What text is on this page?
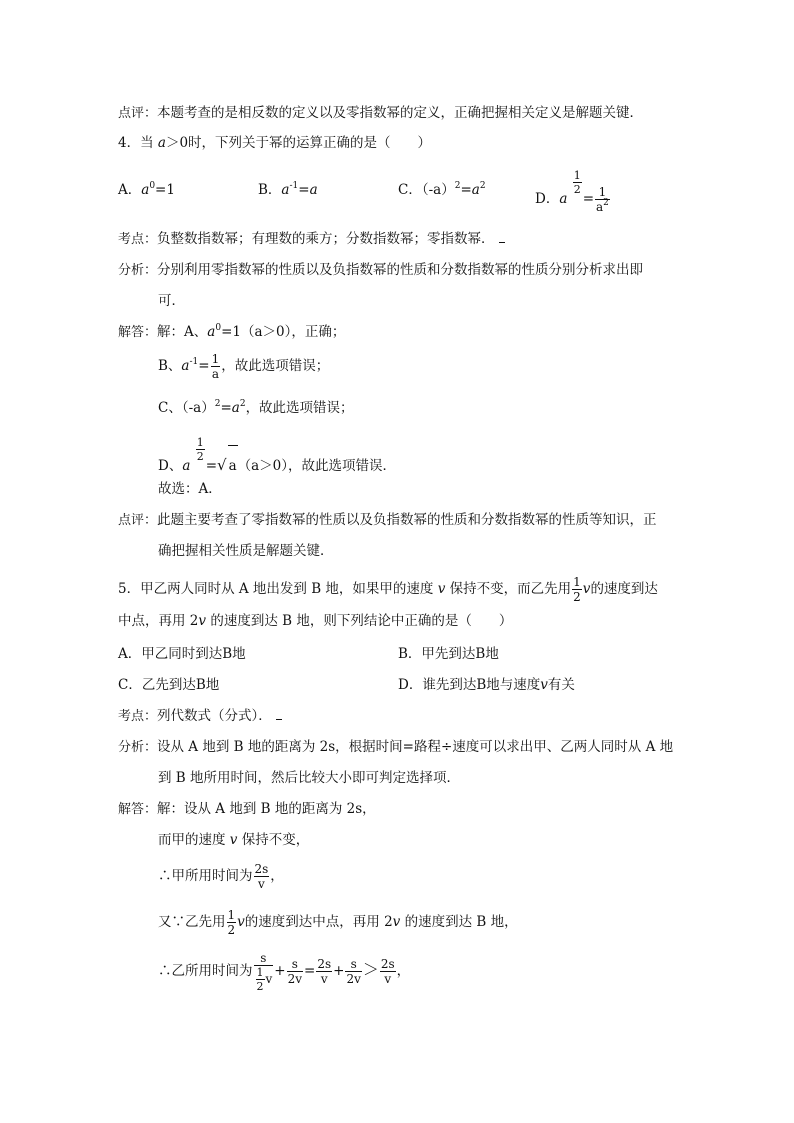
点评：本题考查的是相反数的定义以及零指数幂的定义，正确把握相关定义是解题关键．
4．当 a＞0时，下列关于幂的运算正确的是（　　）
A．$a^0=1$	B．$a^{-1}=a$	C．$(-a)^2=a^2$
D．a
$\frac{1}{2}$
= $\frac{1}{a^2}$
考点：负整数指数幂；有理数的乘方；分数指数幂；零指数幂．
分析：分别利用零指数幂的性质以及负指数幂的性质和分数指数幂的性质分别分析求出即
可．
解答：解：A、$a^0=1(a>0)$，正确；
B、$a^{-1}= \frac{1}{a}$ ，故此选项错误；
C、$(-a)^2=a^2$，故此选项错误；
D、a
$\frac{1}{2}$
=√ a（a＞0），故此选项错误．
故选：A．
点评：此题主要考查了零指数幂的性质以及负指数幂的性质和分数指数幂的性质等知识，正
确把握相关性质是解题关键．
5．甲乙两人同时从 A 地出发到 B 地，如果甲的速度 v 保持不变，而乙先用 $\frac{1}{2}$ v的速度到达
中点，再用 2v 的速度到达 B 地，则下列结论中正确的是（　　）
A．甲乙同时到达B地	B．甲先到达B地
C．乙先到达B地	D．谁先到达B地与速度v有关
考点：列代数式（分式）．
分析：设从 A 地到 B 地的距离为 2s，根据时间=路程÷速度可以求出甲、乙两人同时从 A 地
到 B 地所用时间，然后比较大小即可判定选择项．
解答：解：设从 A 地到 B 地的距离为 2s，
而甲的速度 v 保持不变，
∴甲所用时间为 $\frac{2s}{v}$ ，
又∵乙先用 $\frac{1}{2}$ v的速度到达中点，再用 2v 的速度到达 B 地，
∴乙所用时间为 $\frac{s}{\frac{1}{2} v} + \frac{s}{2v} = \frac{2s}{v} + \frac{s}{2v} > \frac{2s}{v}$ ，
